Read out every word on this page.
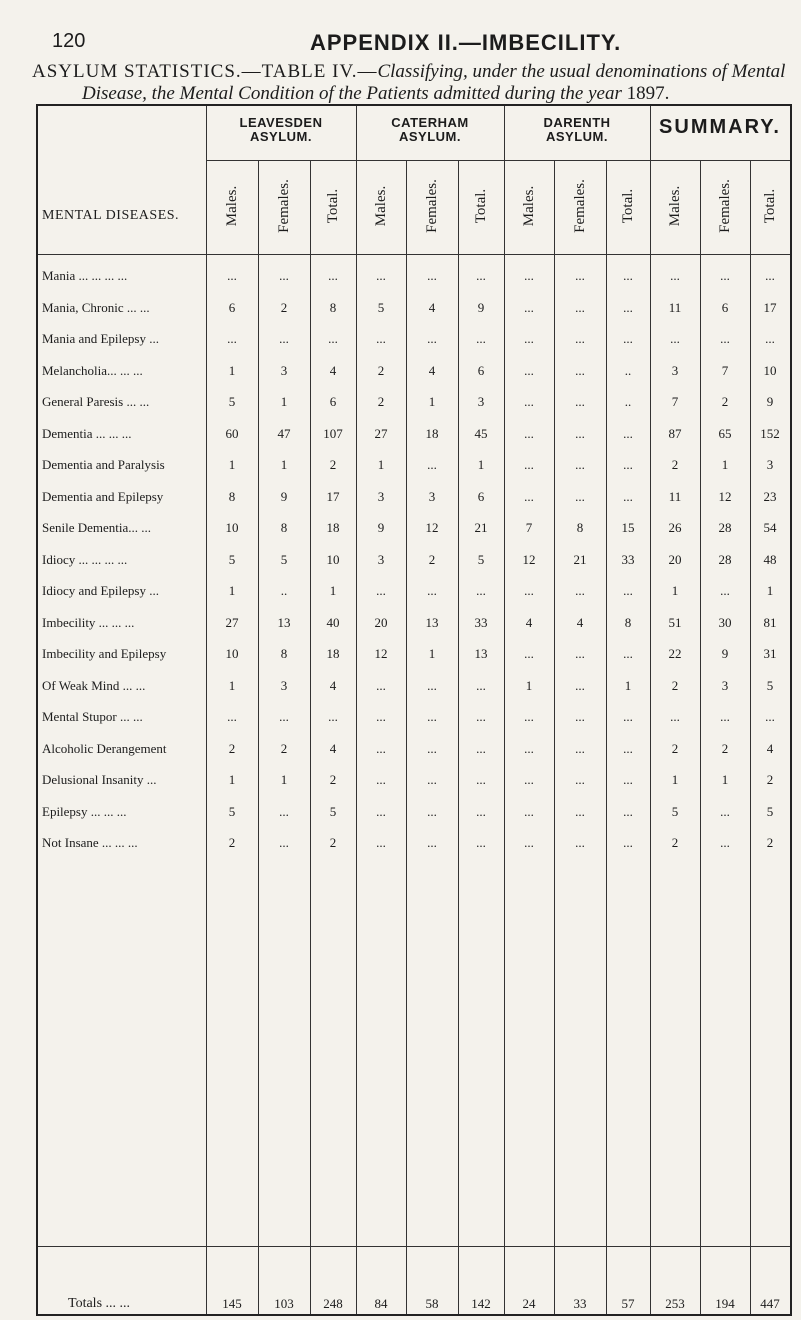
120	APPENDIX II.—IMBECILITY.
ASYLUM STATISTICS.—TABLE IV.—Classifying, under the usual denominations of Mental
Disease, the Mental Condition of the Patients admitted during the year 1897.
MENTAL DISEASES.
LEAVESDEN
ASYLUM.
CATERHAM
ASYLUM.
DARENTH
ASYLUM.	SUMMARY.
Males. Females. Total. Males. Females. Total. Males. Females. Total. Males. Females. Total.
Mania ... ... ... ...	...	...	...	...	...	...	...	...	...	...	...	...
Mania, Chronic ... ...	6	2	8	5	4	9	...	...	...	11	6	17
Mania and Epilepsy ...	...	...	...	...	...	...	...	...	...	...	...	...
Melancholia... ... ...	1	3	4	2	4	6	...	...	..	3	7	10
General Paresis ... ...	5	1	6	2	1	3	...	...	..	7	2	9
Dementia ... ... ...	60	47	107	27	18	45	...	...	...	87	65	152
Dementia and Paralysis	1	1	2	1	...	1	...	...	...	2	1	3
Dementia and Epilepsy	8	9	17	3	3	6	...	...	...	11	12	23
Senile Dementia... ...	10	8	18	9	12	21	7	8	15	26	28	54
Idiocy ... ... ... ...	5	5	10	3	2	5	12	21	33	20	28	48
Idiocy and Epilepsy ...	1	..	1	...	...	...	...	...	...	1	...	1
Imbecility ... ... ...	27	13	40	20	13	33	4	4	8	51	30	81
Imbecility and Epilepsy	10	8	18	12	1	13	...	...	...	22	9	31
Of Weak Mind ... ...	1	3	4	...	...	...	1	...	1	2	3	5
Mental Stupor ... ...	...	...	...	...	...	...	...	...	...	...	...	...
Alcoholic Derangement	2	2	4	...	...	...	...	...	...	2	2	4
Delusional Insanity ...	1	1	2	...	...	...	...	...	...	1	1	2
Epilepsy ... ... ...	5	...	5	...	...	...	...	...	...	5	...	5
Not Insane ... ... ...	2	...	2	...	...	...	...	...	...	2	...	2
Totals ... ...	145	103	248	84	58	142	24	33	57	253	194	447
